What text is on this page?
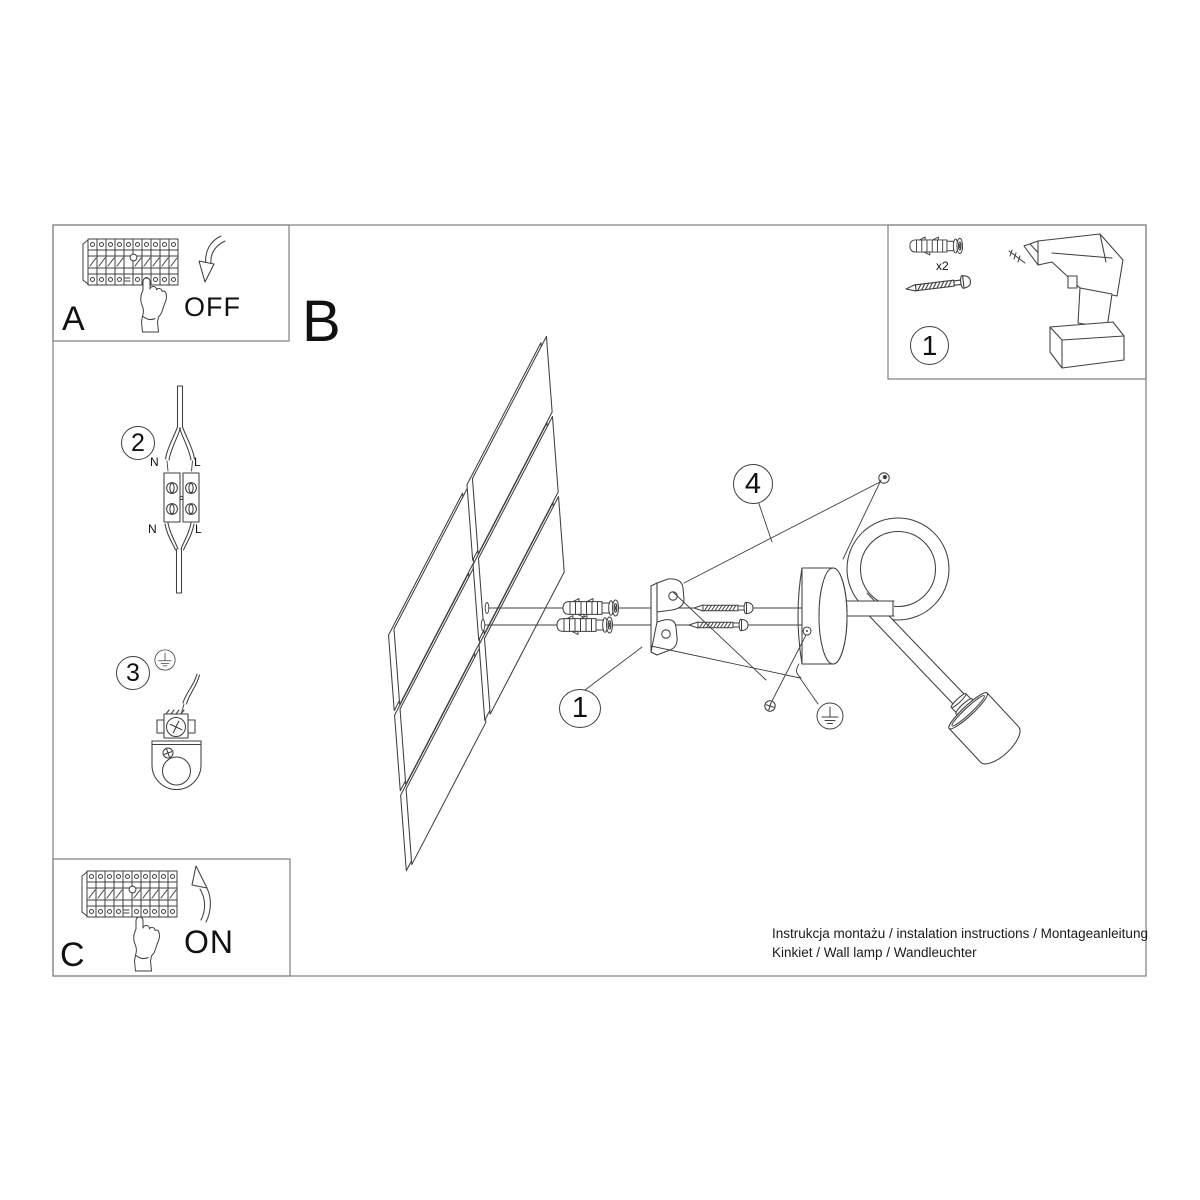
A	OFF B
C	ON
2
3
1
1
4
N	L
N	L
x2
Instrukcja montażu / instalation instructions / Montageanleitung
Kinkiet / Wall lamp / Wandleuchter
